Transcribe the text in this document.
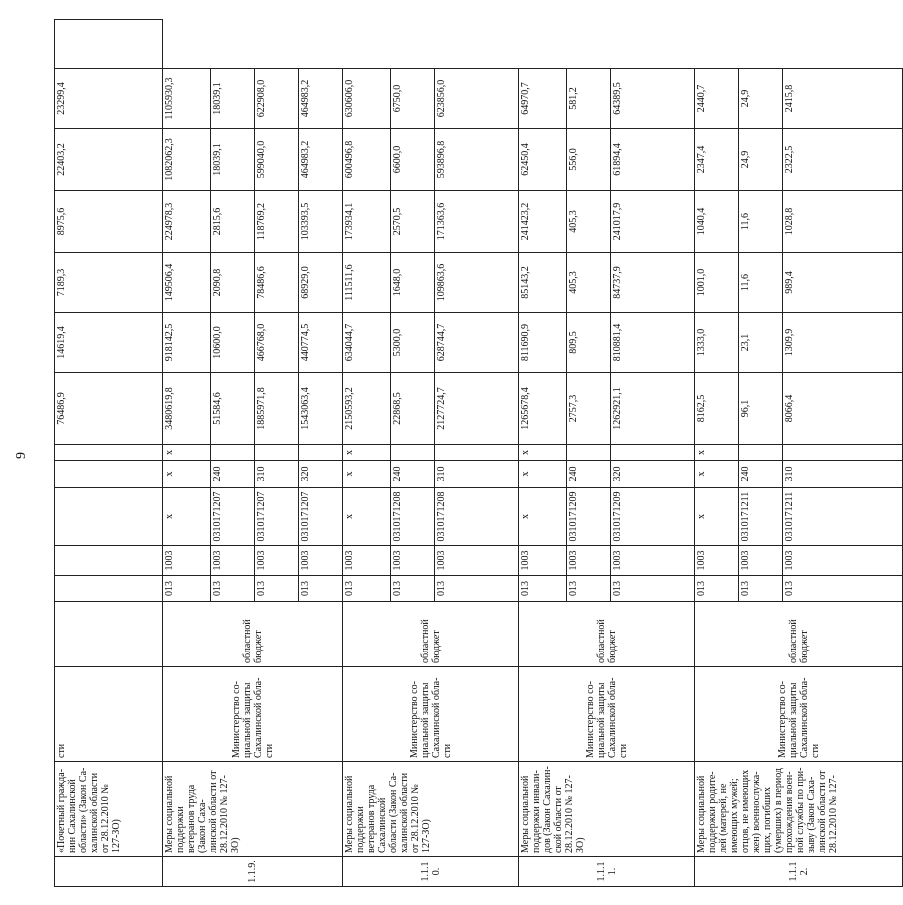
9
	«Почетный граждa-нин Сахалинской области» (Закон Са-халинской области от 28.12.2010 № 127-ЗО)	сти							76486,9	14619,4	7189,3	8975,6	22403,2	23299,4	
1.1.9.	Меры социальной поддержки ветеранов труда (Закон Саха-линской области от 28.12.2010 № 127-ЗО)	Министерство со-циальной защиты Сахалинской обла-сти	областной бюджет	013	1003	x	x	x	3480619,8	918142,5	149506,4	224978,3	1082062,3	1105930,3	
				013	1003	0310171207	240		51584,6	10600,0	2090,8	2815,6	18039,1	18039,1	
				013	1003	0310171207	310		1885971,8	466768,0	78486,6	118769,2	599040,0	622908,0	
				013	1003	0310171207	320		1543063,4	440774,5	68929,0	103393,5	464983,2	464983,2	
1.1.10.	Меры социальной поддержки ветеранов труда Сахалинской области (Закон Са-халинской области от 28.12.2010 № 127-ЗО)	Министерство со-циальной защиты Сахалинской обла-сти	областной бюджет	013	1003	x	x	x	2150593,2	634044,7	111511,6	173934,1	600496,8	630606,0	
				013	1003	0310171208	240		22868,5	5300,0	1648,0	2570,5	6600,0	6750,0	
				013	1003	0310171208	310		2127724,7	628744,7	109863,6	171363,6	593896,8	623856,0	
1.1.11.	Меры социальной поддержки инвали-дов (Закон Сахалин-ской области от 28.12.2010 № 127-ЗО)	Министерство со-циальной защиты Сахалинской обла-сти	областной бюджет	013	1003	x	x	x	1265678,4	811690,9	85143,2	241423,2	62450,4	64970,7	
				013	1003	0310171209	240		2757,3	809,5	405,3	405,3	556,0	581,2	
				013	1003	0310171209	320		1262921,1	810881,4	84737,9	241017,9	61894,4	64389,5	
1.1.12.	Меры социальной поддержки родите-лей (матерей, не имеющих мужей; отцов, не имеющих жен) военнослужа-щих, погибших (умерших) в период прохождения воен-ной службы по при-зыву (Закон Саха-линской области от 28.12.2010 № 127-	Министерство со-циальной защиты Сахалинской обла-сти	областной бюджет	013	1003	x	x	x	8162,5	1333,0	1001,0	1040,4	2347,4	2440,7	
				013	1003	0310171211	240		96,1	23,1	11,6	11,6	24,9	24,9	
				013	1003	0310171211	310		8066,4	1309,9	989,4	1028,8	2322,5	2415,8	
